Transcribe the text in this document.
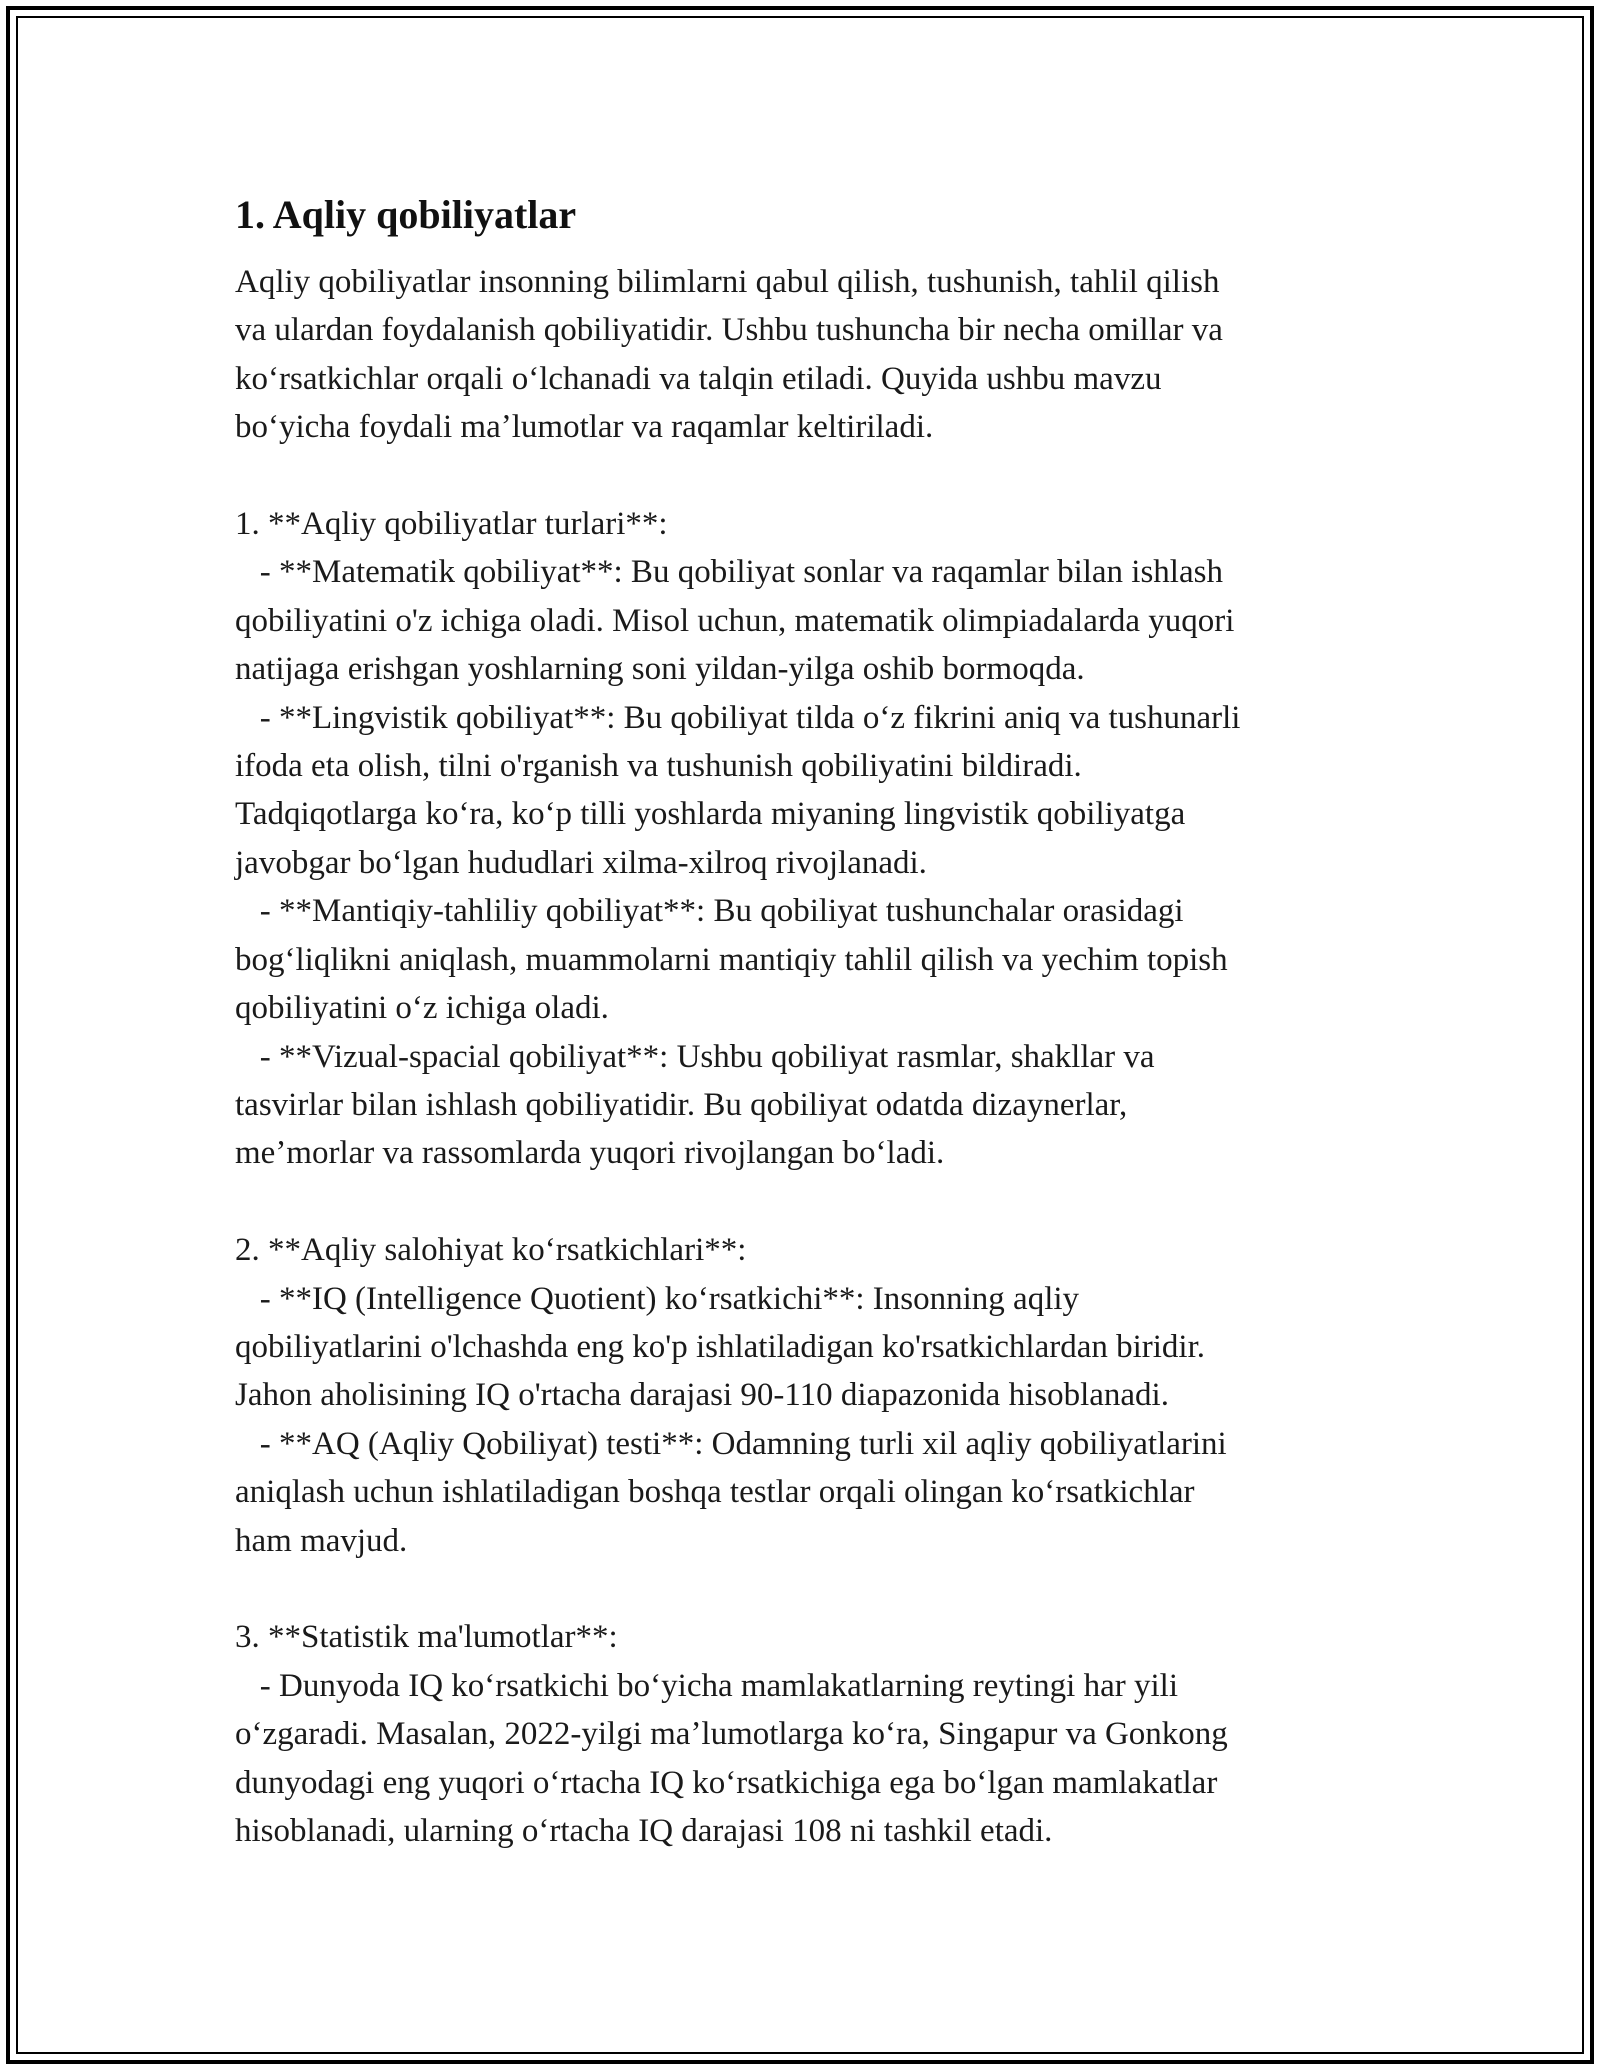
1. Aqliy qobiliyatlar

Aqliy qobiliyatlar insonning bilimlarni qabul qilish, tushunish, tahlil qilish
va ulardan foydalanish qobiliyatidir. Ushbu tushuncha bir necha omillar va
koʻrsatkichlar orqali oʻlchanadi va talqin etiladi. Quyida ushbu mavzu
boʻyicha foydali maʼlumotlar va raqamlar keltiriladi.

1. **Aqliy qobiliyatlar turlari**:
- **Matematik qobiliyat**: Bu qobiliyat sonlar va raqamlar bilan ishlash
qobiliyatini o'z ichiga oladi. Misol uchun, matematik olimpiadalarda yuqori
natijaga erishgan yoshlarning soni yildan-yilga oshib bormoqda.
- **Lingvistik qobiliyat**: Bu qobiliyat tilda oʻz fikrini aniq va tushunarli
ifoda eta olish, tilni o'rganish va tushunish qobiliyatini bildiradi.
Tadqiqotlarga koʻra, koʻp tilli yoshlarda miyaning lingvistik qobiliyatga
javobgar boʻlgan hududlari xilma-xilroq rivojlanadi.
- **Mantiqiy-tahliliy qobiliyat**: Bu qobiliyat tushunchalar orasidagi
bogʻliqlikni aniqlash, muammolarni mantiqiy tahlil qilish va yechim topish
qobiliyatini oʻz ichiga oladi.
- **Vizual-spacial qobiliyat**: Ushbu qobiliyat rasmlar, shakllar va
tasvirlar bilan ishlash qobiliyatidir. Bu qobiliyat odatda dizaynerlar,
meʼmorlar va rassomlarda yuqori rivojlangan boʻladi.

2. **Aqliy salohiyat koʻrsatkichlari**:
- **IQ (Intelligence Quotient) koʻrsatkichi**: Insonning aqliy
qobiliyatlarini o'lchashda eng ko'p ishlatiladigan ko'rsatkichlardan biridir.
Jahon aholisining IQ o'rtacha darajasi 90-110 diapazonida hisoblanadi.
- **AQ (Aqliy Qobiliyat) testi**: Odamning turli xil aqliy qobiliyatlarini
aniqlash uchun ishlatiladigan boshqa testlar orqali olingan koʻrsatkichlar
ham mavjud.

3. **Statistik ma'lumotlar**:
- Dunyoda IQ koʻrsatkichi boʻyicha mamlakatlarning reytingi har yili
oʻzgaradi. Masalan, 2022-yilgi maʼlumotlarga koʻra, Singapur va Gonkong
dunyodagi eng yuqori oʻrtacha IQ koʻrsatkichiga ega boʻlgan mamlakatlar
hisoblanadi, ularning oʻrtacha IQ darajasi 108 ni tashkil etadi.
